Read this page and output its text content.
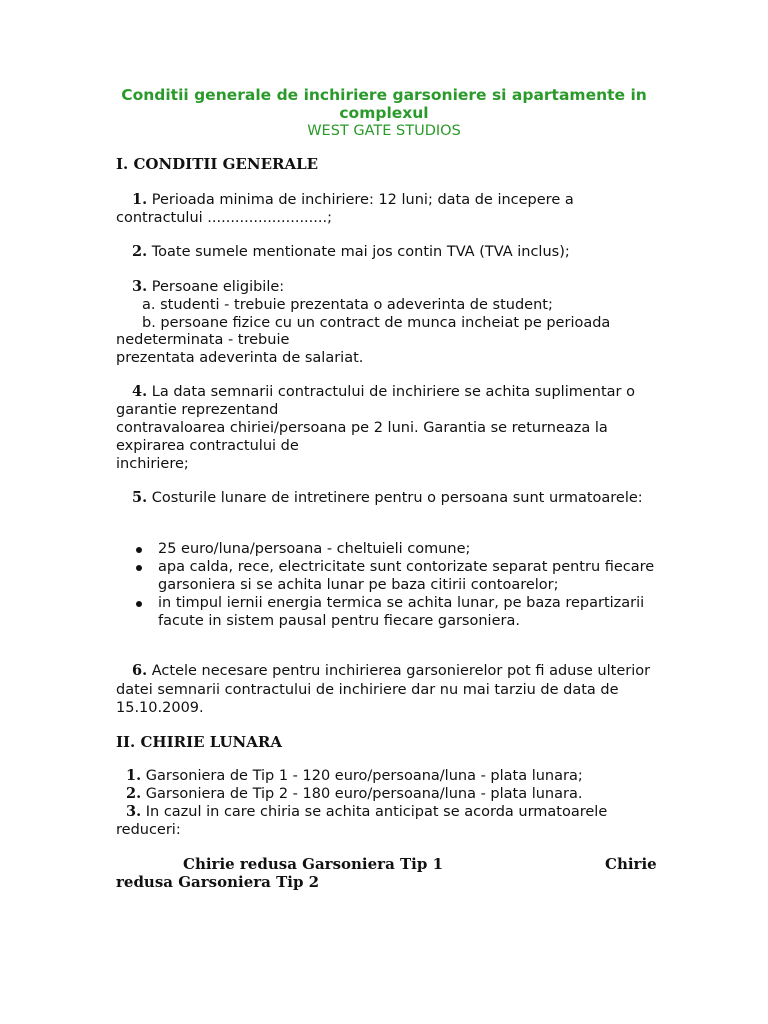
Conditii generale de inchiriere garsoniere si apartamente in
complexul
WEST GATE STUDIOS
I. CONDITII GENERALE
1. Perioada minima de inchiriere: 12 luni; data de incepere a
contractului ..........................;
2. Toate sumele mentionate mai jos contin TVA (TVA inclus);
3. Persoane eligibile:
a. studenti - trebuie prezentata o adeverinta de student;
b. persoane fizice cu un contract de munca incheiat pe perioada
nedeterminata - trebuie
prezentata adeverinta de salariat.
4. La data semnarii contractului de inchiriere se achita suplimentar o
garantie reprezentand
contravaloarea chiriei/persoana pe 2 luni. Garantia se returneaza la
expirarea contractului de
inchiriere;
5. Costurile lunare de intretinere pentru o persoana sunt urmatoarele:
25 euro/luna/persoana - cheltuieli comune;
apa calda, rece, electricitate sunt contorizate separat pentru fiecare
garsoniera si se achita lunar pe baza citirii contoarelor;
in timpul iernii energia termica se achita lunar, pe baza repartizarii
facute in sistem pausal pentru fiecare garsoniera.
6. Actele necesare pentru inchirierea garsonierelor pot fi aduse ulterior
datei semnarii contractului de inchiriere dar nu mai tarziu de data de
15.10.2009.
II. CHIRIE LUNARA
1. Garsoniera de Tip 1 - 120 euro/persoana/luna - plata lunara;
2. Garsoniera de Tip 2 - 180 euro/persoana/luna - plata lunara.
3. In cazul in care chiria se achita anticipat se acorda urmatoarele
reduceri:
Chirie redusa Garsoniera Tip 1	Chirie
redusa Garsoniera Tip 2
